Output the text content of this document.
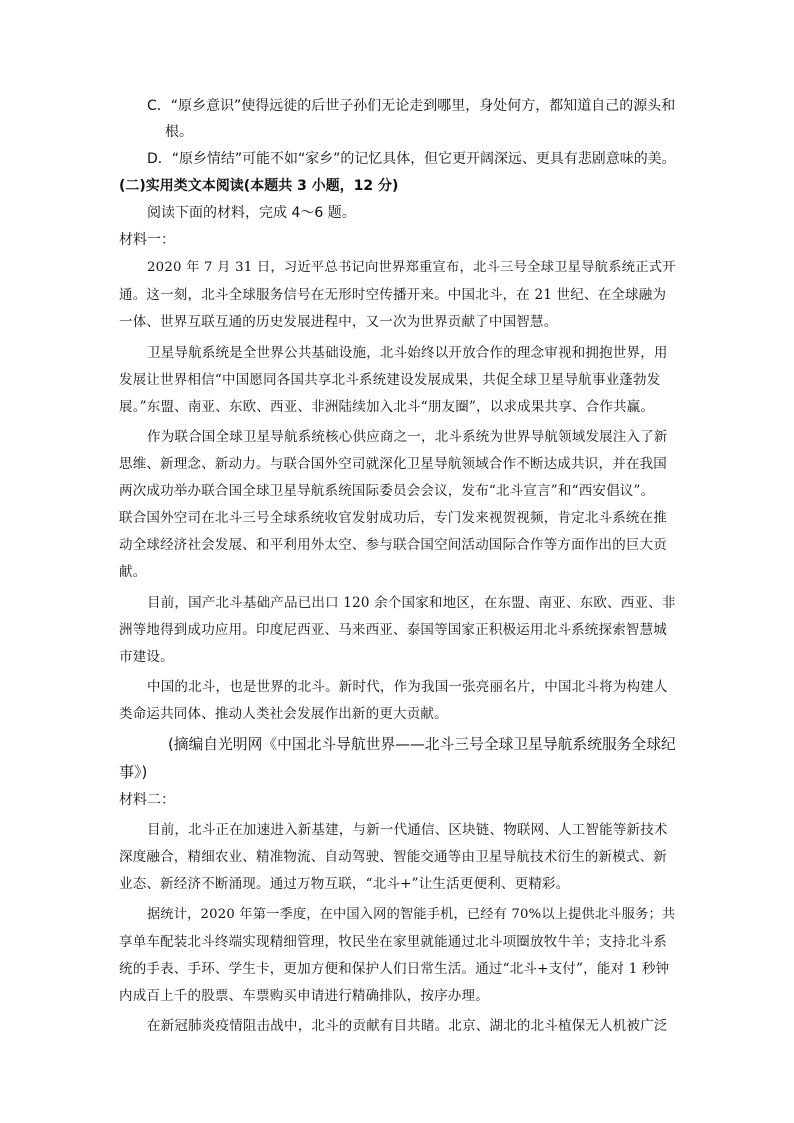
C．“原乡意识”使得远徙的后世子孙们无论走到哪里，身处何方，都知道自己的源头和
根。
D．“原乡情结”可能不如“家乡”的记忆具体，但它更开阔深远、更具有悲剧意味的美。
(二)实用类文本阅读(本题共 3 小题，12 分)
阅读下面的材料，完成 4～6 题。
材料一：
2020 年 7 月 31 日，习近平总书记向世界郑重宣布，北斗三号全球卫星导航系统正式开
通。这一刻，北斗全球服务信号在无形时空传播开来。中国北斗，在 21 世纪、在全球融为
一体、世界互联互通的历史发展进程中，又一次为世界贡献了中国智慧。
卫星导航系统是全世界公共基础设施，北斗始终以开放合作的理念审视和拥抱世界，用
发展让世界相信“中国愿同各国共享北斗系统建设发展成果，共促全球卫星导航事业蓬勃发
展。”东盟、南亚、东欧、西亚、非洲陆续加入北斗“朋友圈”，以求成果共享、合作共赢。
作为联合国全球卫星导航系统核心供应商之一，北斗系统为世界导航领域发展注入了新
思维、新理念、新动力。与联合国外空司就深化卫星导航领域合作不断达成共识，并在我国
两次成功举办联合国全球卫星导航系统国际委员会会议，发布“北斗宣言”和“西安倡议”。
联合国外空司在北斗三号全球系统收官发射成功后，专门发来视贺视频，肯定北斗系统在推
动全球经济社会发展、和平利用外太空、参与联合国空间活动国际合作等方面作出的巨大贡
献。
目前，国产北斗基础产品已出口 120 余个国家和地区，在东盟、南亚、东欧、西亚、非
洲等地得到成功应用。印度尼西亚、马来西亚、泰国等国家正积极运用北斗系统探索智慧城
市建设。
中国的北斗，也是世界的北斗。新时代，作为我国一张亮丽名片，中国北斗将为构建人
类命运共同体、推动人类社会发展作出新的更大贡献。
(摘编自光明网《中国北斗导航世界——北斗三号全球卫星导航系统服务全球纪
事》)
材料二：
目前，北斗正在加速进入新基建，与新一代通信、区块链、物联网、人工智能等新技术
深度融合，精细农业、精准物流、自动驾驶、智能交通等由卫星导航技术衍生的新模式、新
业态、新经济不断涌现。通过万物互联，“北斗+”让生活更便利、更精彩。
据统计，2020 年第一季度，在中国入网的智能手机，已经有 70%以上提供北斗服务；共
享单车配装北斗终端实现精细管理，牧民坐在家里就能通过北斗项圈放牧牛羊；支持北斗系
统的手表、手环、学生卡，更加方便和保护人们日常生活。通过“北斗+支付”，能对 1 秒钟
内成百上千的股票、车票购买申请进行精确排队，按序办理。
在新冠肺炎疫情阻击战中，北斗的贡献有目共睹。北京、湖北的北斗植保无人机被广泛
